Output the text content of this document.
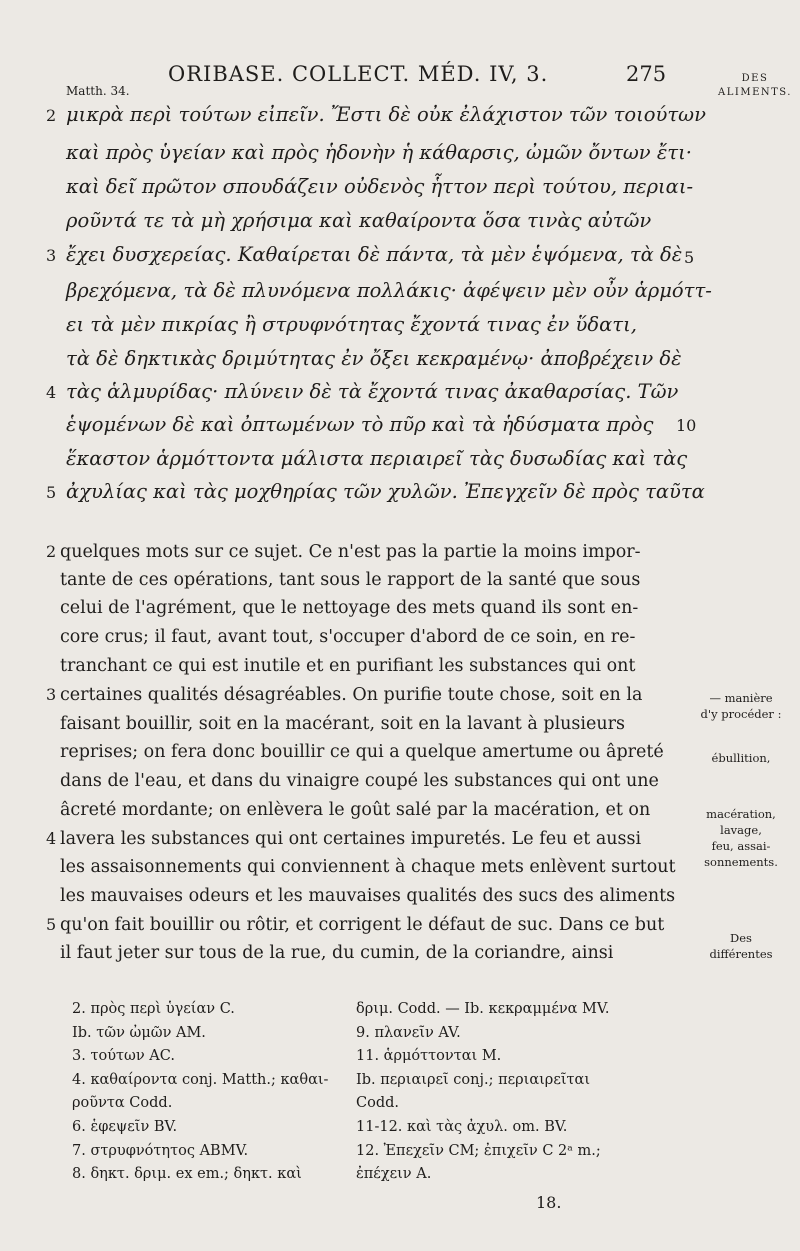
ORIBASE. COLLECT. MÉD. IV, 3.	275
Matth. 34.
DES
ALIMENTS.
μικρὰ περὶ τούτων εἰπεῖν. Ἔστι δὲ οὐκ ἐλάχιστον τῶν τοιούτων
καὶ πρὸς ὑγείαν καὶ πρὸς ἡδονὴν ἡ κάθαρσις, ὠμῶν ὄντων ἔτι·
καὶ δεῖ πρῶτον σπουδάζειν οὐδενὸς ἧττον περὶ τούτου, περιαι-
ροῦντά τε τὰ μὴ χρήσιμα καὶ καθαίροντα ὅσα τινὰς αὐτῶν
ἔχει δυσχερείας. Καθαίρεται δὲ πάντα, τὰ μὲν ἑψόμενα, τὰ δὲ
βρεχόμενα, τὰ δὲ πλυνόμενα πολλάκις· ἀφέψειν μὲν οὖν ἁρμόττ-
ει τὰ μὲν πικρίας ἢ στρυφνότητας ἔχοντά τινας ἐν ὕδατι,
τὰ δὲ δηκτικὰς δριμύτητας ἐν ὄξει κεκραμένῳ· ἀποβρέχειν δὲ
τὰς ἁλμυρίδας· πλύνειν δὲ τὰ ἔχοντά τινας ἀκαθαρσίας. Τῶν
ἑψομένων δὲ καὶ ὀπτωμένων τὸ πῦρ καὶ τὰ ἡδύσματα πρὸς
ἕκαστον ἁρμόττοντα μάλιστα περιαιρεῖ τὰς δυσωδίας καὶ τὰς
ἀχυλίας καὶ τὰς μοχθηρίας τῶν χυλῶν. Ἐπεγχεῖν δὲ πρὸς ταῦτα
2
3
4
5
5
10
quelques mots sur ce sujet. Ce n'est pas la partie la moins impor-
tante de ces opérations, tant sous le rapport de la santé que sous
celui de l'agrément, que le nettoyage des mets quand ils sont en-
core crus; il faut, avant tout, s'occuper d'abord de ce soin, en re-
tranchant ce qui est inutile et en purifiant les substances qui ont
certaines qualités désagréables. On purifie toute chose, soit en la
faisant bouillir, soit en la macérant, soit en la lavant à plusieurs
reprises; on fera donc bouillir ce qui a quelque amertume ou âpreté
dans de l'eau, et dans du vinaigre coupé les substances qui ont une
âcreté mordante; on enlèvera le goût salé par la macération, et on
lavera les substances qui ont certaines impuretés. Le feu et aussi
les assaisonnements qui conviennent à chaque mets enlèvent surtout
les mauvaises odeurs et les mauvaises qualités des sucs des aliments
qu'on fait bouillir ou rôtir, et corrigent le défaut de suc. Dans ce but
il faut jeter sur tous de la rue, du cumin, de la coriandre, ainsi
2
3
4
5
— manière
d'y procéder :
ébullition,
macération,
lavage,
feu, assai-
sonnements.
Des
différentes
2. πρὸς περὶ ὑγείαν C.
Ib. τῶν ὠμῶν AM.
3. τούτων AC.
4. καθαίροντα conj. Matth.; καθαι-
ροῦντα Codd.
6. ἑφεψεῖν BV.
7. στρυφνότητος ABMV.
8. δηκτ. δριμ. ex em.; δηκτ. καὶ
δριμ. Codd. — Ib. κεκραμμένα MV.
9. πλανεῖν AV.
11. ἁρμόττονται M.
Ib. περιαιρεῖ conj.; περιαιρεῖται
Codd.
11-12. καὶ τὰς ἀχυλ. om. BV.
12. Ἐπεχεῖν CM; ἐπιχεῖν C 2ᵃ m.;
ἐπέχειν A.
18.
